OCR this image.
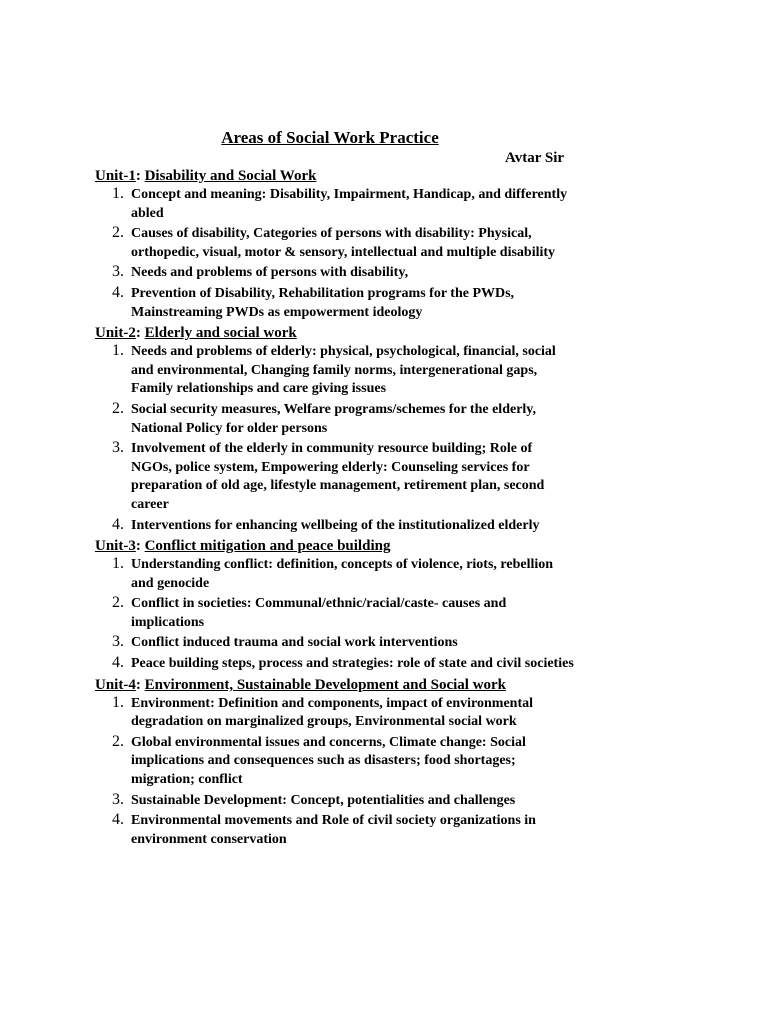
Areas of Social Work Practice
Avtar Sir

Unit-1: Disability and Social Work

1. Concept and meaning: Disability, Impairment, Handicap, and differently abled
2. Causes of disability, Categories of persons with disability: Physical, orthopedic, visual, motor & sensory, intellectual and multiple disability
3. Needs and problems of persons with disability,
4. Prevention of Disability, Rehabilitation programs for the PWDs, Mainstreaming PWDs as empowerment ideology

Unit-2: Elderly and social work

1. Needs and problems of elderly: physical, psychological, financial, social and environmental, Changing family norms, intergenerational gaps, Family relationships and care giving issues
2. Social security measures, Welfare programs/schemes for the elderly, National Policy for older persons
3. Involvement of the elderly in community resource building; Role of NGOs, police system, Empowering elderly: Counseling services for preparation of old age, lifestyle management, retirement plan, second career
4. Interventions for enhancing wellbeing of the institutionalized elderly

Unit-3: Conflict mitigation and peace building

1. Understanding conflict: definition, concepts of violence, riots, rebellion and genocide
2. Conflict in societies: Communal/ethnic/racial/caste- causes and implications
3. Conflict induced trauma and social work interventions
4. Peace building steps, process and strategies: role of state and civil societies

Unit-4: Environment, Sustainable Development and Social work

1. Environment: Definition and components, impact of environmental degradation on marginalized groups, Environmental social work
2. Global environmental issues and concerns, Climate change: Social implications and consequences such as disasters; food shortages; migration; conflict
3. Sustainable Development: Concept, potentialities and challenges
4. Environmental movements and Role of civil society organizations in environment conservation
